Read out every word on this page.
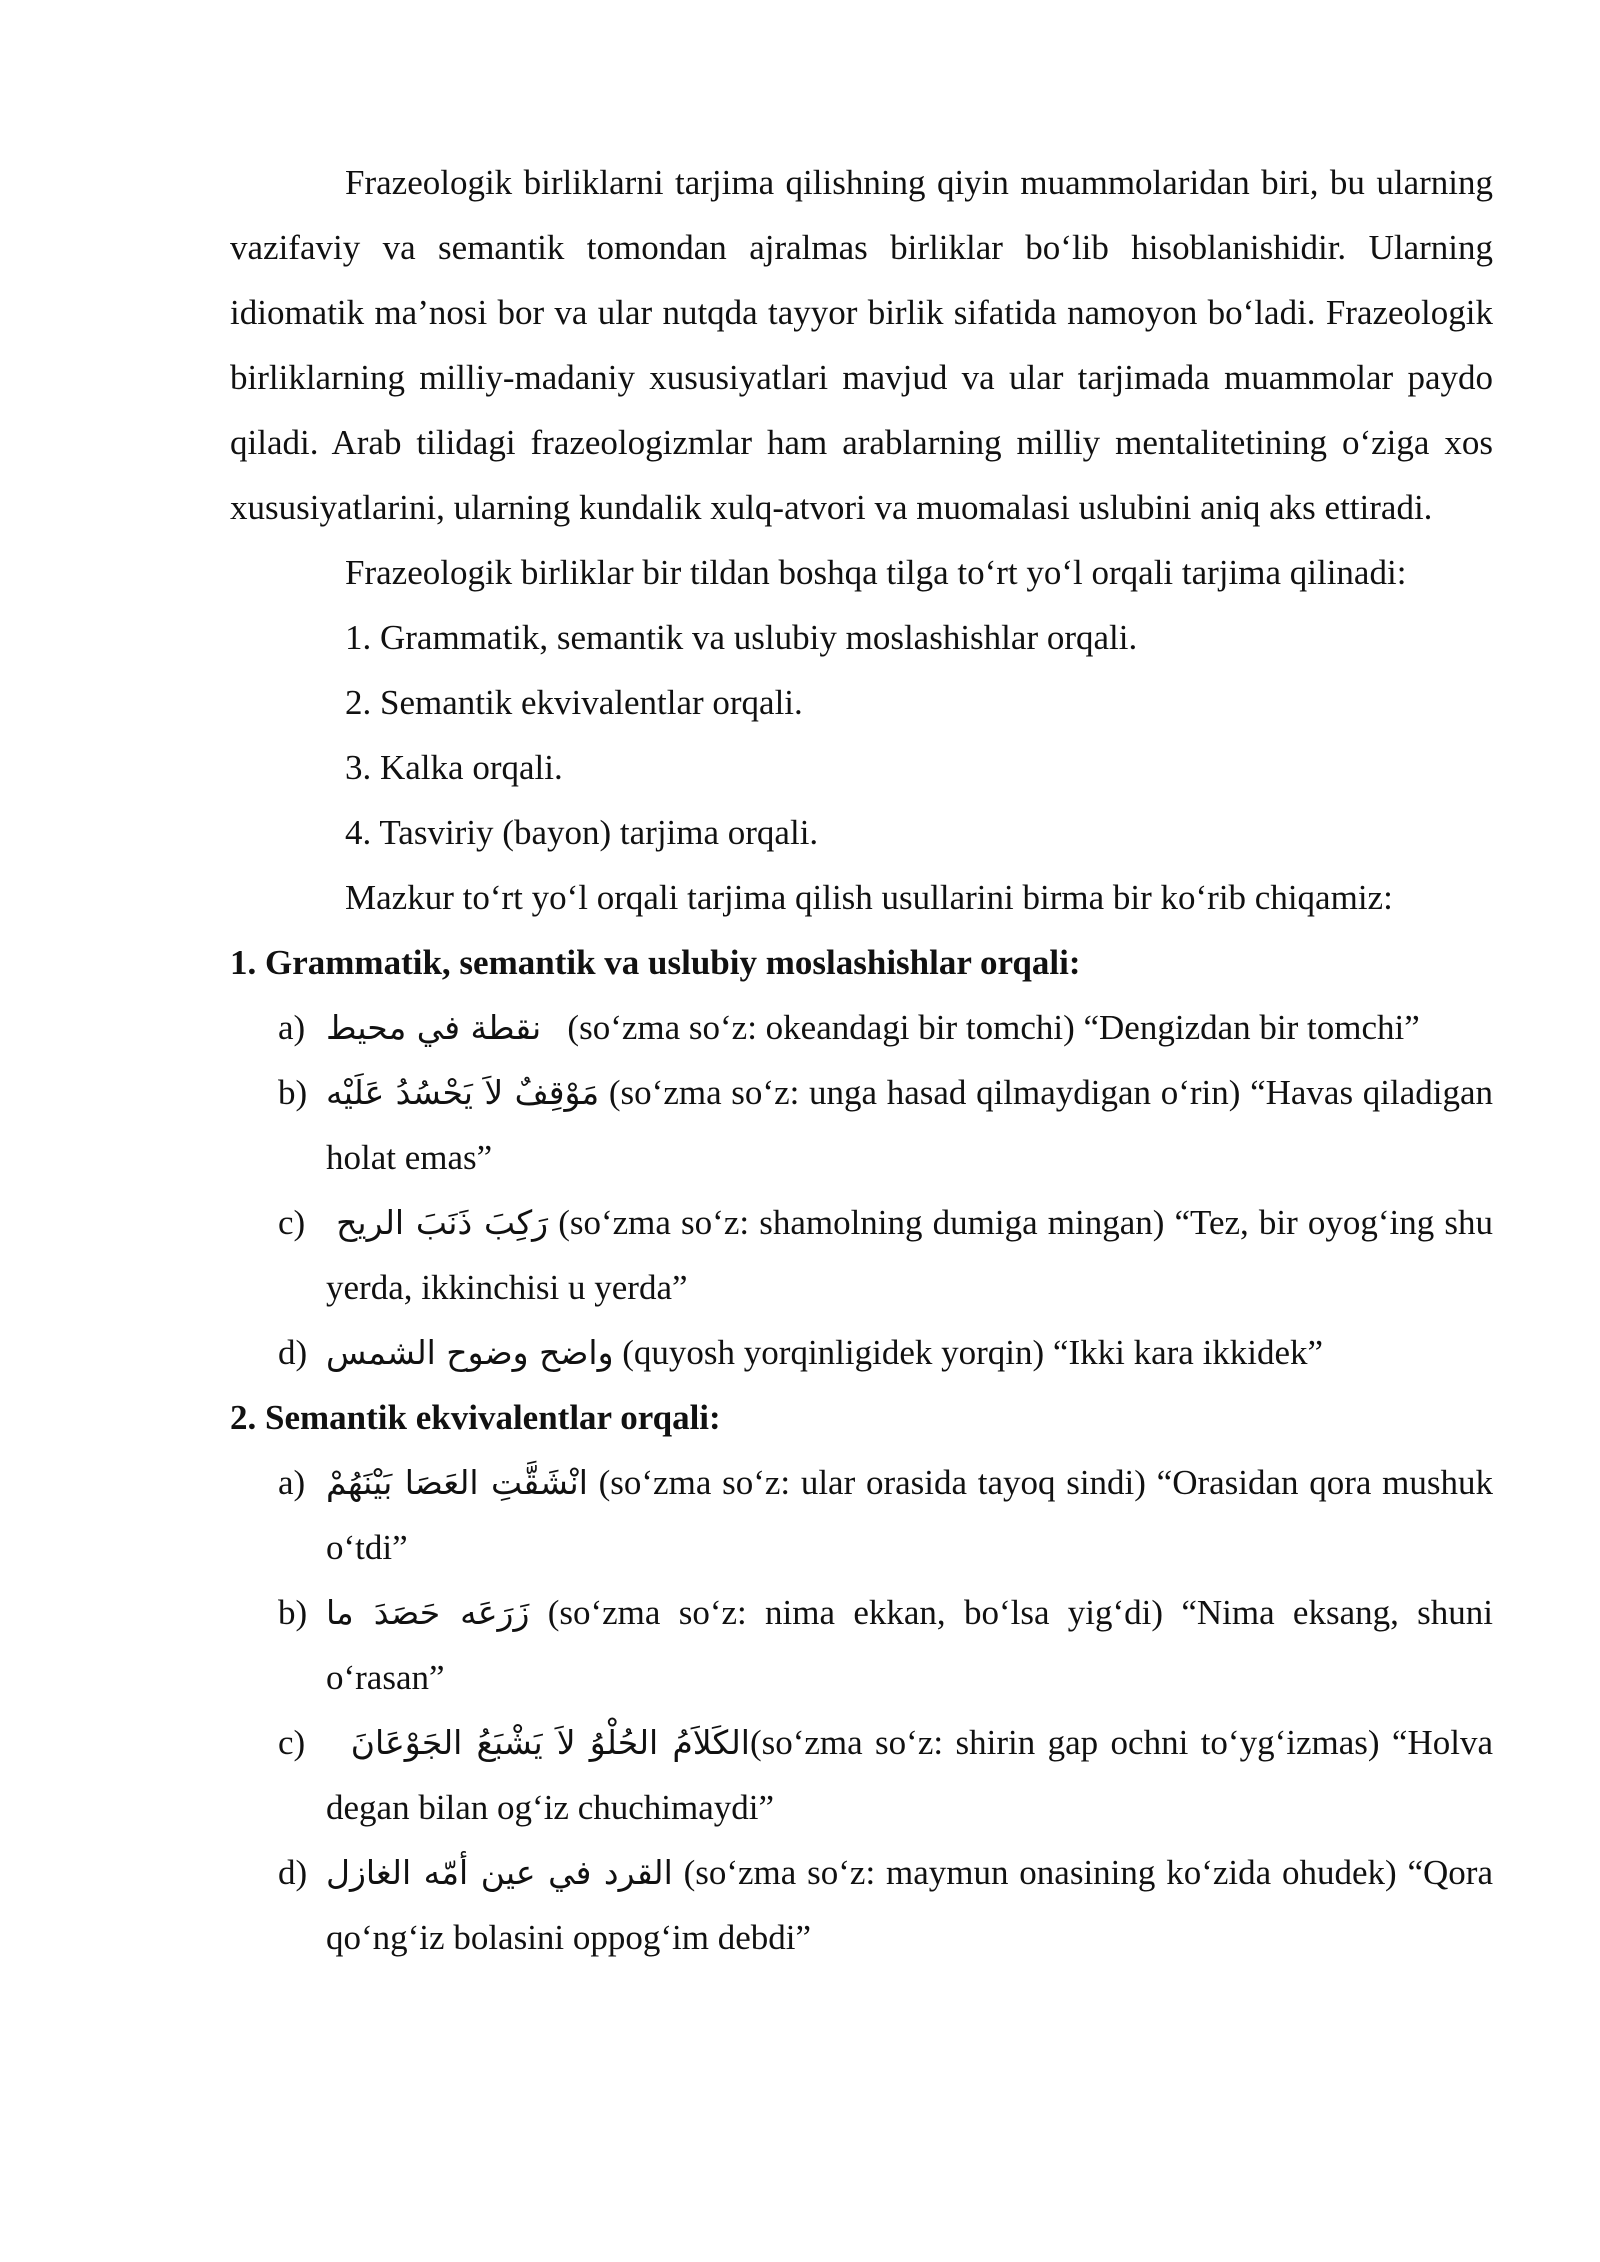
Frazeologik birliklarni tarjima qilishning qiyin muammolaridan biri, bu ularning vazifaviy va semantik tomondan ajralmas birliklar bo‘lib hisoblanishidir. Ularning idiomatik ma’nosi bor va ular nutqda tayyor birlik sifatida namoyon bo‘ladi. Frazeologik birliklarning milliy-madaniy xususiyatlari mavjud va ular tarjimada muammolar paydo qiladi. Arab tilidagi frazeologizmlar ham arablarning milliy mentalitetining o‘ziga xos xususiyatlarini, ularning kundalik xulq-atvori va muomalasi uslubini aniq aks ettiradi.

Frazeologik birliklar bir tildan boshqa tilga to‘rt yo‘l orqali tarjima qilinadi:

1. Grammatik, semantik va uslubiy moslashishlar orqali.

2. Semantik ekvivalentlar orqali.

3. Kalka orqali.

4. Tasviriy (bayon) tarjima orqali.

Mazkur to‘rt yo‘l orqali tarjima qilish usullarini birma bir ko‘rib chiqamiz:

1. Grammatik, semantik va uslubiy moslashishlar orqali:

a) نقطة في محيط (so‘zma so‘z: okeandagi bir tomchi) “Dengizdan bir tomchi”

b) مَوْقِفٌ لاَ يَحْسُدُ عَلَيْه (so‘zma so‘z: unga hasad qilmaydigan o‘rin) “Havas qiladigan holat emas”

c) رَكِبَ ذَنَبَ الريح (so‘zma so‘z: shamolning dumiga mingan) “Tez, bir oyog‘ing shu yerda, ikkinchisi u yerda”

d) واضح وضوح الشمس (quyosh yorqinligidek yorqin) “Ikki kara ikkidek”

2. Semantik ekvivalentlar orqali:

a) انْشَقَّتِ العَصَا بَيْنَهُمْ (so‘zma so‘z: ular orasida tayoq sindi) “Orasidan qora mushuk o‘tdi”

b) زَرَعَه حَصَدَ ما (so‘zma so‘z: nima ekkan, bo‘lsa yig‘di) “Nima eksang, shuni o‘rasan”

c) الكَلاَمُ الحُلْوُ لاَ يَشْبَعُ الجَوْعَانَ(so‘zma so‘z: shirin gap ochni to‘yg‘izmas) “Holva degan bilan og‘iz chuchimaydi”

d) القرد في عين أمّه الغازل (so‘zma so‘z: maymun onasining ko‘zida ohudek) “Qora qo‘ng‘iz bolasini oppog‘im debdi”
